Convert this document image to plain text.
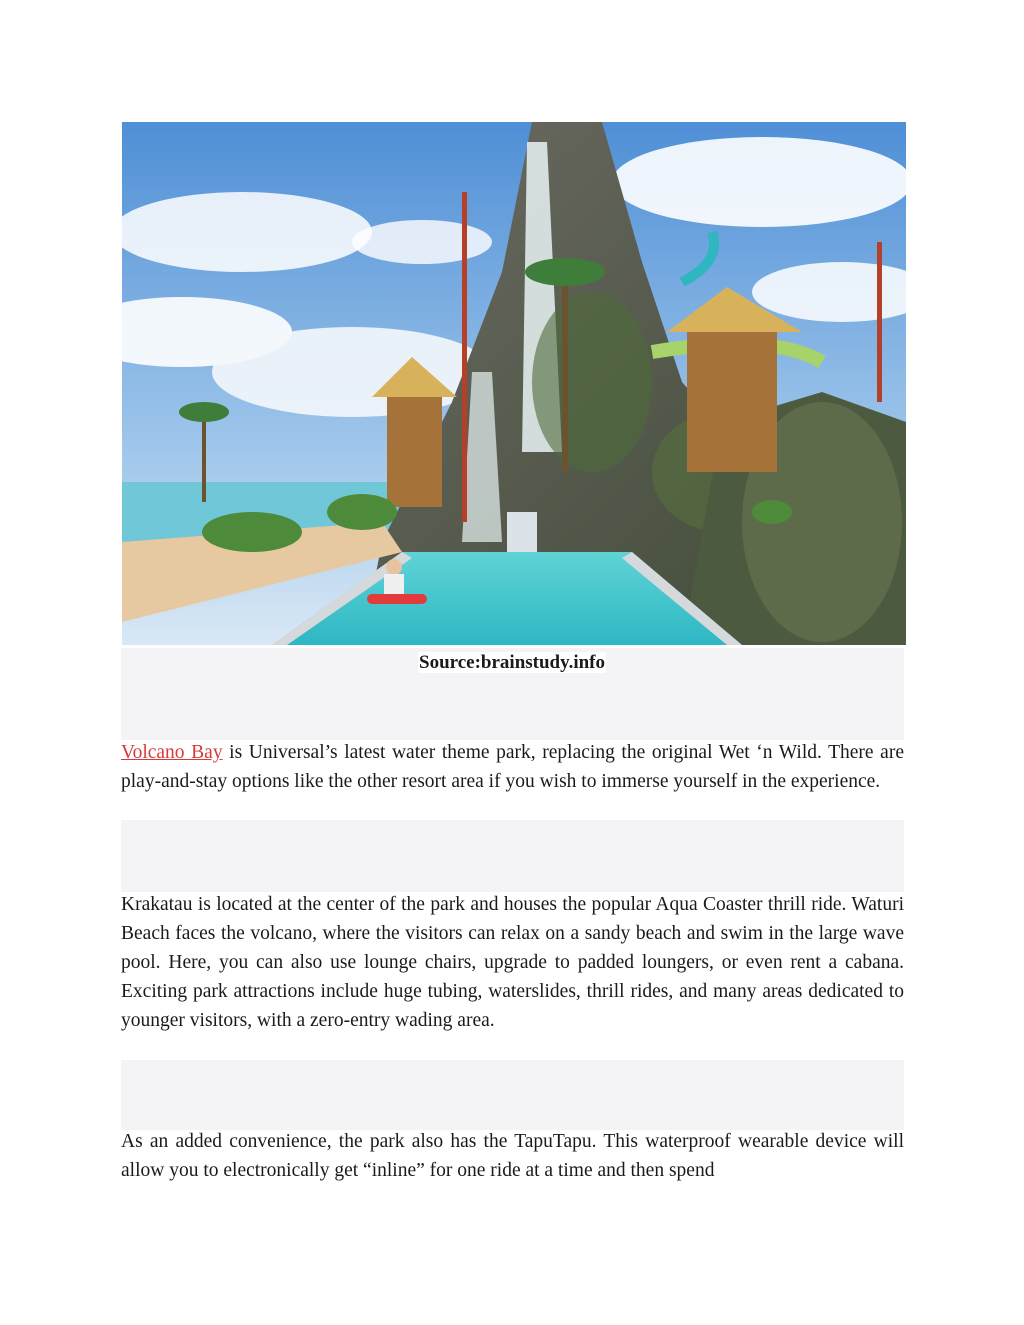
Source:brainstudy.info

Volcano Bay is Universal’s latest water theme park, replacing the original Wet ‘n Wild. There are play-and-stay options like the other resort area if you wish to immerse yourself in the experience.

Krakatau is located at the center of the park and houses the popular Aqua Coaster thrill ride. Waturi Beach faces the volcano, where the visitors can relax on a sandy beach and swim in the large wave pool. Here, you can also use lounge chairs, upgrade to padded loungers, or even rent a cabana. Exciting park attractions include huge tubing, waterslides, thrill rides, and many areas dedicated to younger visitors, with a zero-entry wading area.

As an added convenience, the park also has the TapuTapu. This waterproof wearable device will allow you to electronically get “inline” for one ride at a time and then spend
